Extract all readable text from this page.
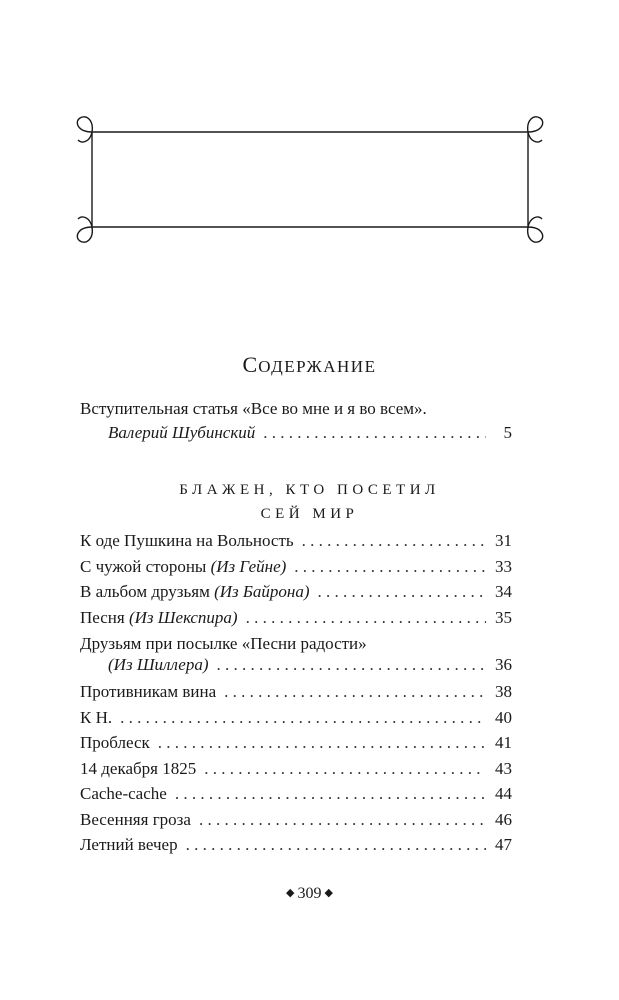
СОДЕРЖАНИЕ
Вступительная статья «Все во мне и я во всем».
Валерий Шубинский . . .	5
БЛАЖЕН, КТО ПОСЕТИЛ
СЕЙ МИР
К оде Пушкина на Вольность . . .	31
С чужой стороны (Из Гейне) . . .	33
В альбом друзьям (Из Байрона) . . .	34
Песня (Из Шекспира) . . .	35
Друзьям при посылке «Песни радости»
(Из Шиллера) . . .	36
Противникам вина . . .	38
К Н. . . .	40
Проблеск . . .	41
14 декабря 1825 . . .	43
Cache-cache . . .	44
Весенняя гроза . . .	46
Летний вечер . . .	47
◆ 309 ◆
